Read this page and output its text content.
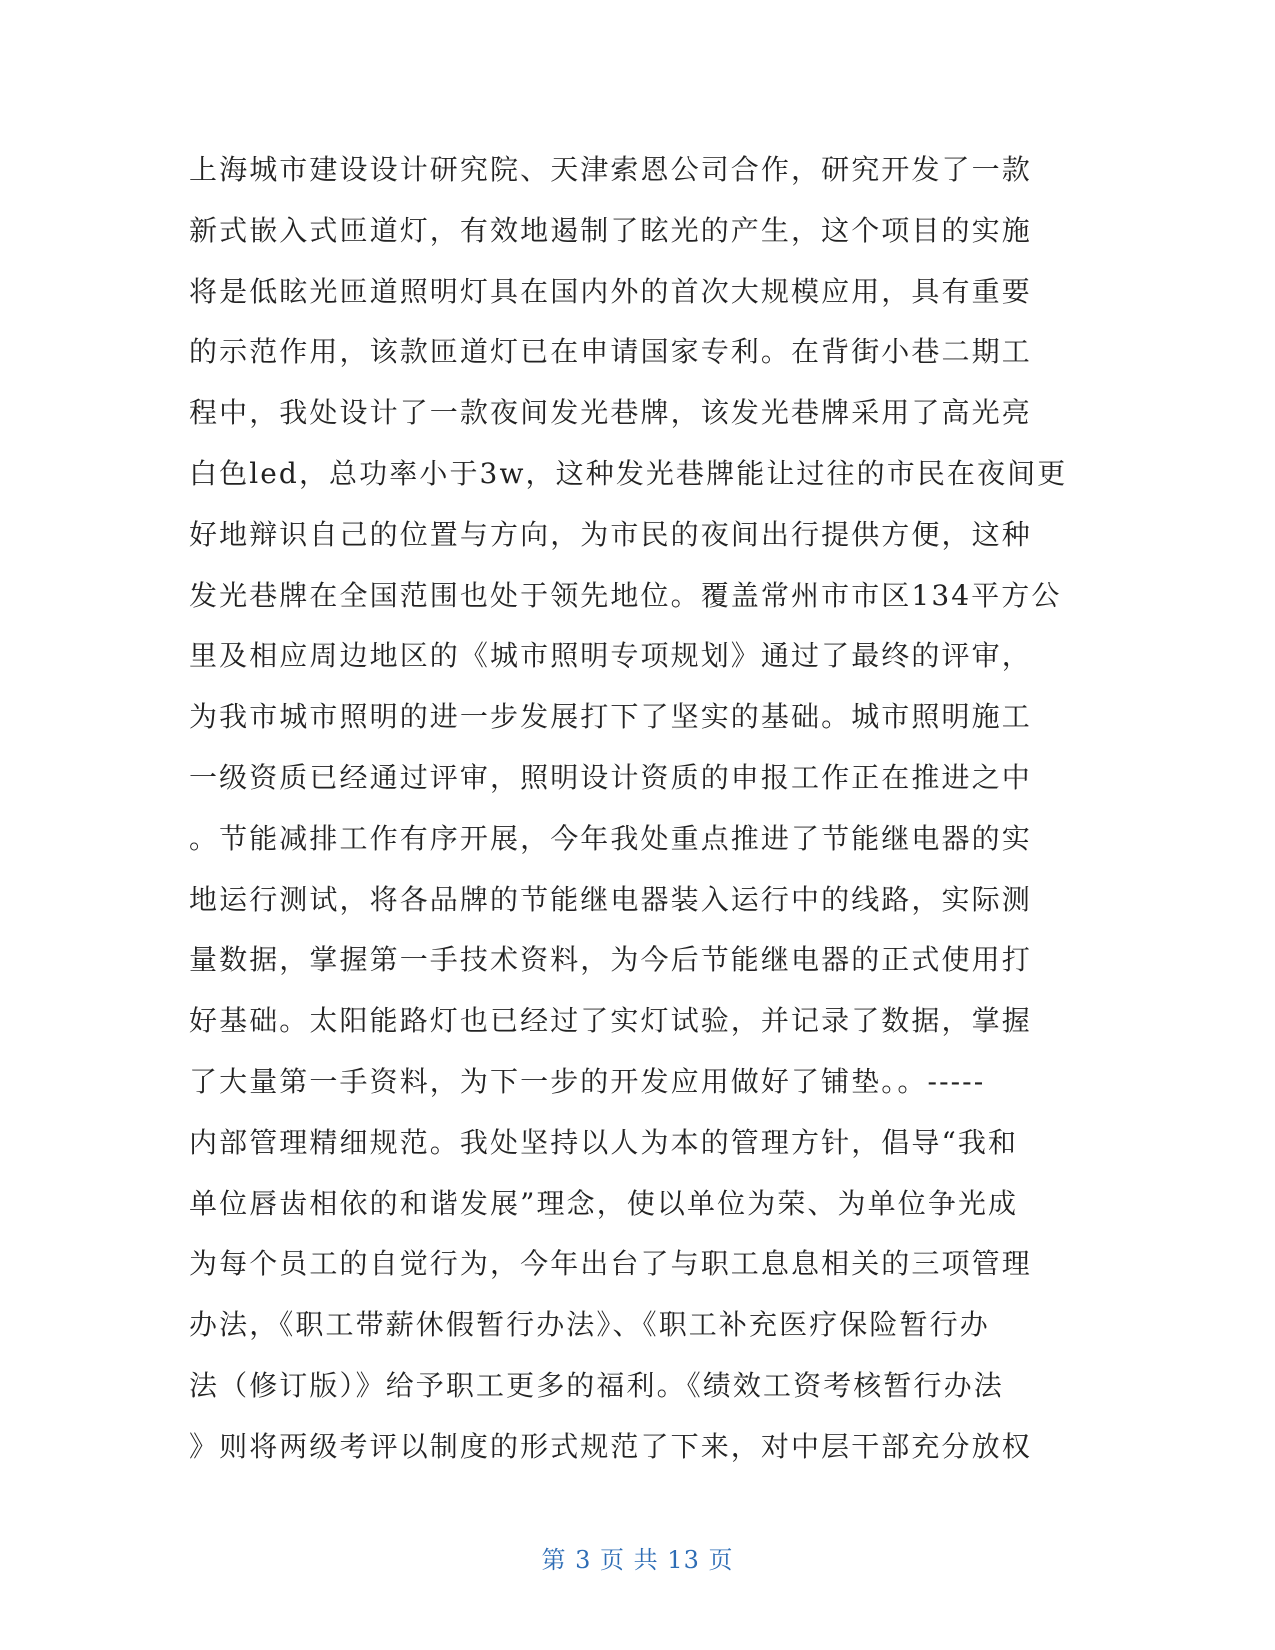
上海城市建设设计研究院、天津索恩公司合作，研究开发了一款
新式嵌入式匝道灯，有效地遏制了眩光的产生，这个项目的实施
将是低眩光匝道照明灯具在国内外的首次大规模应用，具有重要
的示范作用，该款匝道灯已在申请国家专利。在背街小巷二期工
程中，我处设计了一款夜间发光巷牌，该发光巷牌采用了高光亮
白色led，总功率小于3w，这种发光巷牌能让过往的市民在夜间更
好地辩识自己的位置与方向，为市民的夜间出行提供方便，这种
发光巷牌在全国范围也处于领先地位。覆盖常州市市区134平方公
里及相应周边地区的《城市照明专项规划》通过了最终的评审，
为我市城市照明的进一步发展打下了坚实的基础。城市照明施工
一级资质已经通过评审，照明设计资质的申报工作正在推进之中
。节能减排工作有序开展，今年我处重点推进了节能继电器的实
地运行测试，将各品牌的节能继电器装入运行中的线路，实际测
量数据，掌握第一手技术资料，为今后节能继电器的正式使用打
好基础。太阳能路灯也已经过了实灯试验，并记录了数据，掌握
了大量第一手资料，为下一步的开发应用做好了铺垫。。-----
内部管理精细规范。我处坚持以人为本的管理方针，倡导“我和
单位唇齿相依的和谐发展”理念，使以单位为荣、为单位争光成
为每个员工的自觉行为，今年出台了与职工息息相关的三项管理
办法，《职工带薪休假暂行办法》、《职工补充医疗保险暂行办
法（修订版）》给予职工更多的福利。《绩效工资考核暂行办法
》则将两级考评以制度的形式规范了下来，对中层干部充分放权
第 3 页 共 13 页
